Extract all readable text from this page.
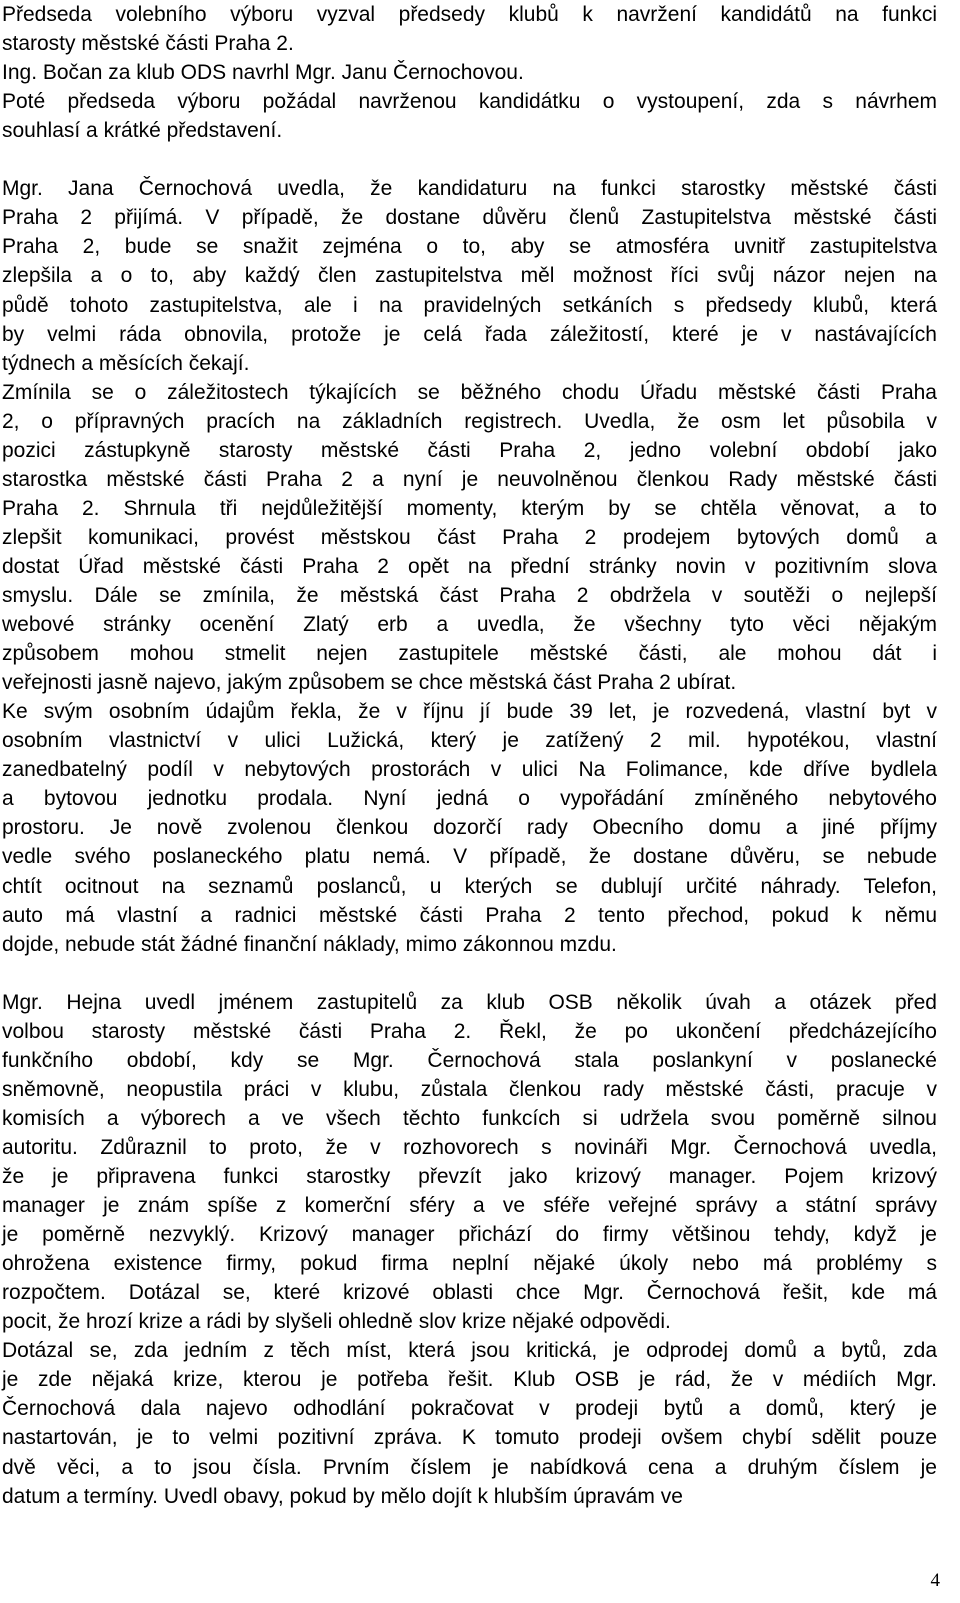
Předseda volebního výboru vyzval předsedy klubů k navržení kandidátů na funkci
starosty městské části Praha 2.
Ing. Bočan za klub ODS navrhl Mgr. Janu Černochovou.
Poté předseda výboru požádal navrženou kandidátku o vystoupení, zda s návrhem
souhlasí a krátké představení.
Mgr. Jana Černochová uvedla, že kandidaturu na funkci starostky městské části
Praha 2 přijímá. V případě, že dostane důvěru členů Zastupitelstva městské části
Praha 2, bude se snažit zejména o to, aby se atmosféra uvnitř zastupitelstva
zlepšila a o to, aby každý člen zastupitelstva měl možnost říci svůj názor nejen na
půdě tohoto zastupitelstva, ale i na pravidelných setkáních s předsedy klubů, která
by velmi ráda obnovila, protože je celá řada záležitostí, které je v nastávajících
týdnech a měsících čekají.
Zmínila se o záležitostech týkajících se běžného chodu Úřadu městské části Praha
2, o přípravných pracích na základních registrech. Uvedla, že osm let působila v
pozici zástupkyně starosty městské části Praha 2, jedno volební období jako
starostka městské části Praha 2 a nyní je neuvolněnou členkou Rady městské části
Praha 2. Shrnula tři nejdůležitější momenty, kterým by se chtěla věnovat, a to
zlepšit komunikaci, provést městskou část Praha 2 prodejem bytových domů a
dostat Úřad městské části Praha 2 opět na přední stránky novin v pozitivním slova
smyslu. Dále se zmínila, že městská část Praha 2 obdržela v soutěži o nejlepší
webové stránky ocenění Zlatý erb a uvedla, že všechny tyto věci nějakým
způsobem mohou stmelit nejen zastupitele městské části, ale mohou dát i
veřejnosti jasně najevo, jakým způsobem se chce městská část Praha 2 ubírat.
Ke svým osobním údajům řekla, že v říjnu jí bude 39 let, je rozvedená, vlastní byt v
osobním vlastnictví v ulici Lužická, který je zatížený 2 mil. hypotékou, vlastní
zanedbatelný podíl v nebytových prostorách v ulici Na Folimance, kde dříve bydlela
a bytovou jednotku prodala. Nyní jedná o vypořádání zmíněného nebytového
prostoru. Je nově zvolenou členkou dozorčí rady Obecního domu a jiné příjmy
vedle svého poslaneckého platu nemá. V případě, že dostane důvěru, se nebude
chtít ocitnout na seznamů poslanců, u kterých se dublují určité náhrady. Telefon,
auto má vlastní a radnici městské části Praha 2 tento přechod, pokud k němu
dojde, nebude stát žádné finanční náklady, mimo zákonnou mzdu.
Mgr. Hejna uvedl jménem zastupitelů za klub OSB několik úvah a otázek před
volbou starosty městské části Praha 2. Řekl, že po ukončení předcházejícího
funkčního období, kdy se Mgr. Černochová stala poslankyní v poslanecké
sněmovně, neopustila práci v klubu, zůstala členkou rady městské části, pracuje v
komisích a výborech a ve všech těchto funkcích si udržela svou poměrně silnou
autoritu. Zdůraznil to proto, že v rozhovorech s novináři Mgr. Černochová uvedla,
že je připravena funkci starostky převzít jako krizový manager. Pojem krizový
manager je znám spíše z komerční sféry a ve sféře veřejné správy a státní správy
je poměrně nezvyklý. Krizový manager přichází do firmy většinou tehdy, když je
ohrožena existence firmy, pokud firma neplní nějaké úkoly nebo má problémy s
rozpočtem. Dotázal se, které krizové oblasti chce Mgr. Černochová řešit, kde má
pocit, že hrozí krize a rádi by slyšeli ohledně slov krize nějaké odpovědi.
Dotázal se, zda jedním z těch míst, která jsou kritická, je odprodej domů a bytů, zda
je zde nějaká krize, kterou je potřeba řešit. Klub OSB je rád, že v médiích Mgr.
Černochová dala najevo odhodlání pokračovat v prodeji bytů a domů, který je
nastartován, je to velmi pozitivní zpráva. K tomuto prodeji ovšem chybí sdělit pouze
dvě věci, a to jsou čísla. Prvním číslem je nabídková cena a druhým číslem je
datum a termíny. Uvedl obavy, pokud by mělo dojít k hlubším úpravám ve
4
